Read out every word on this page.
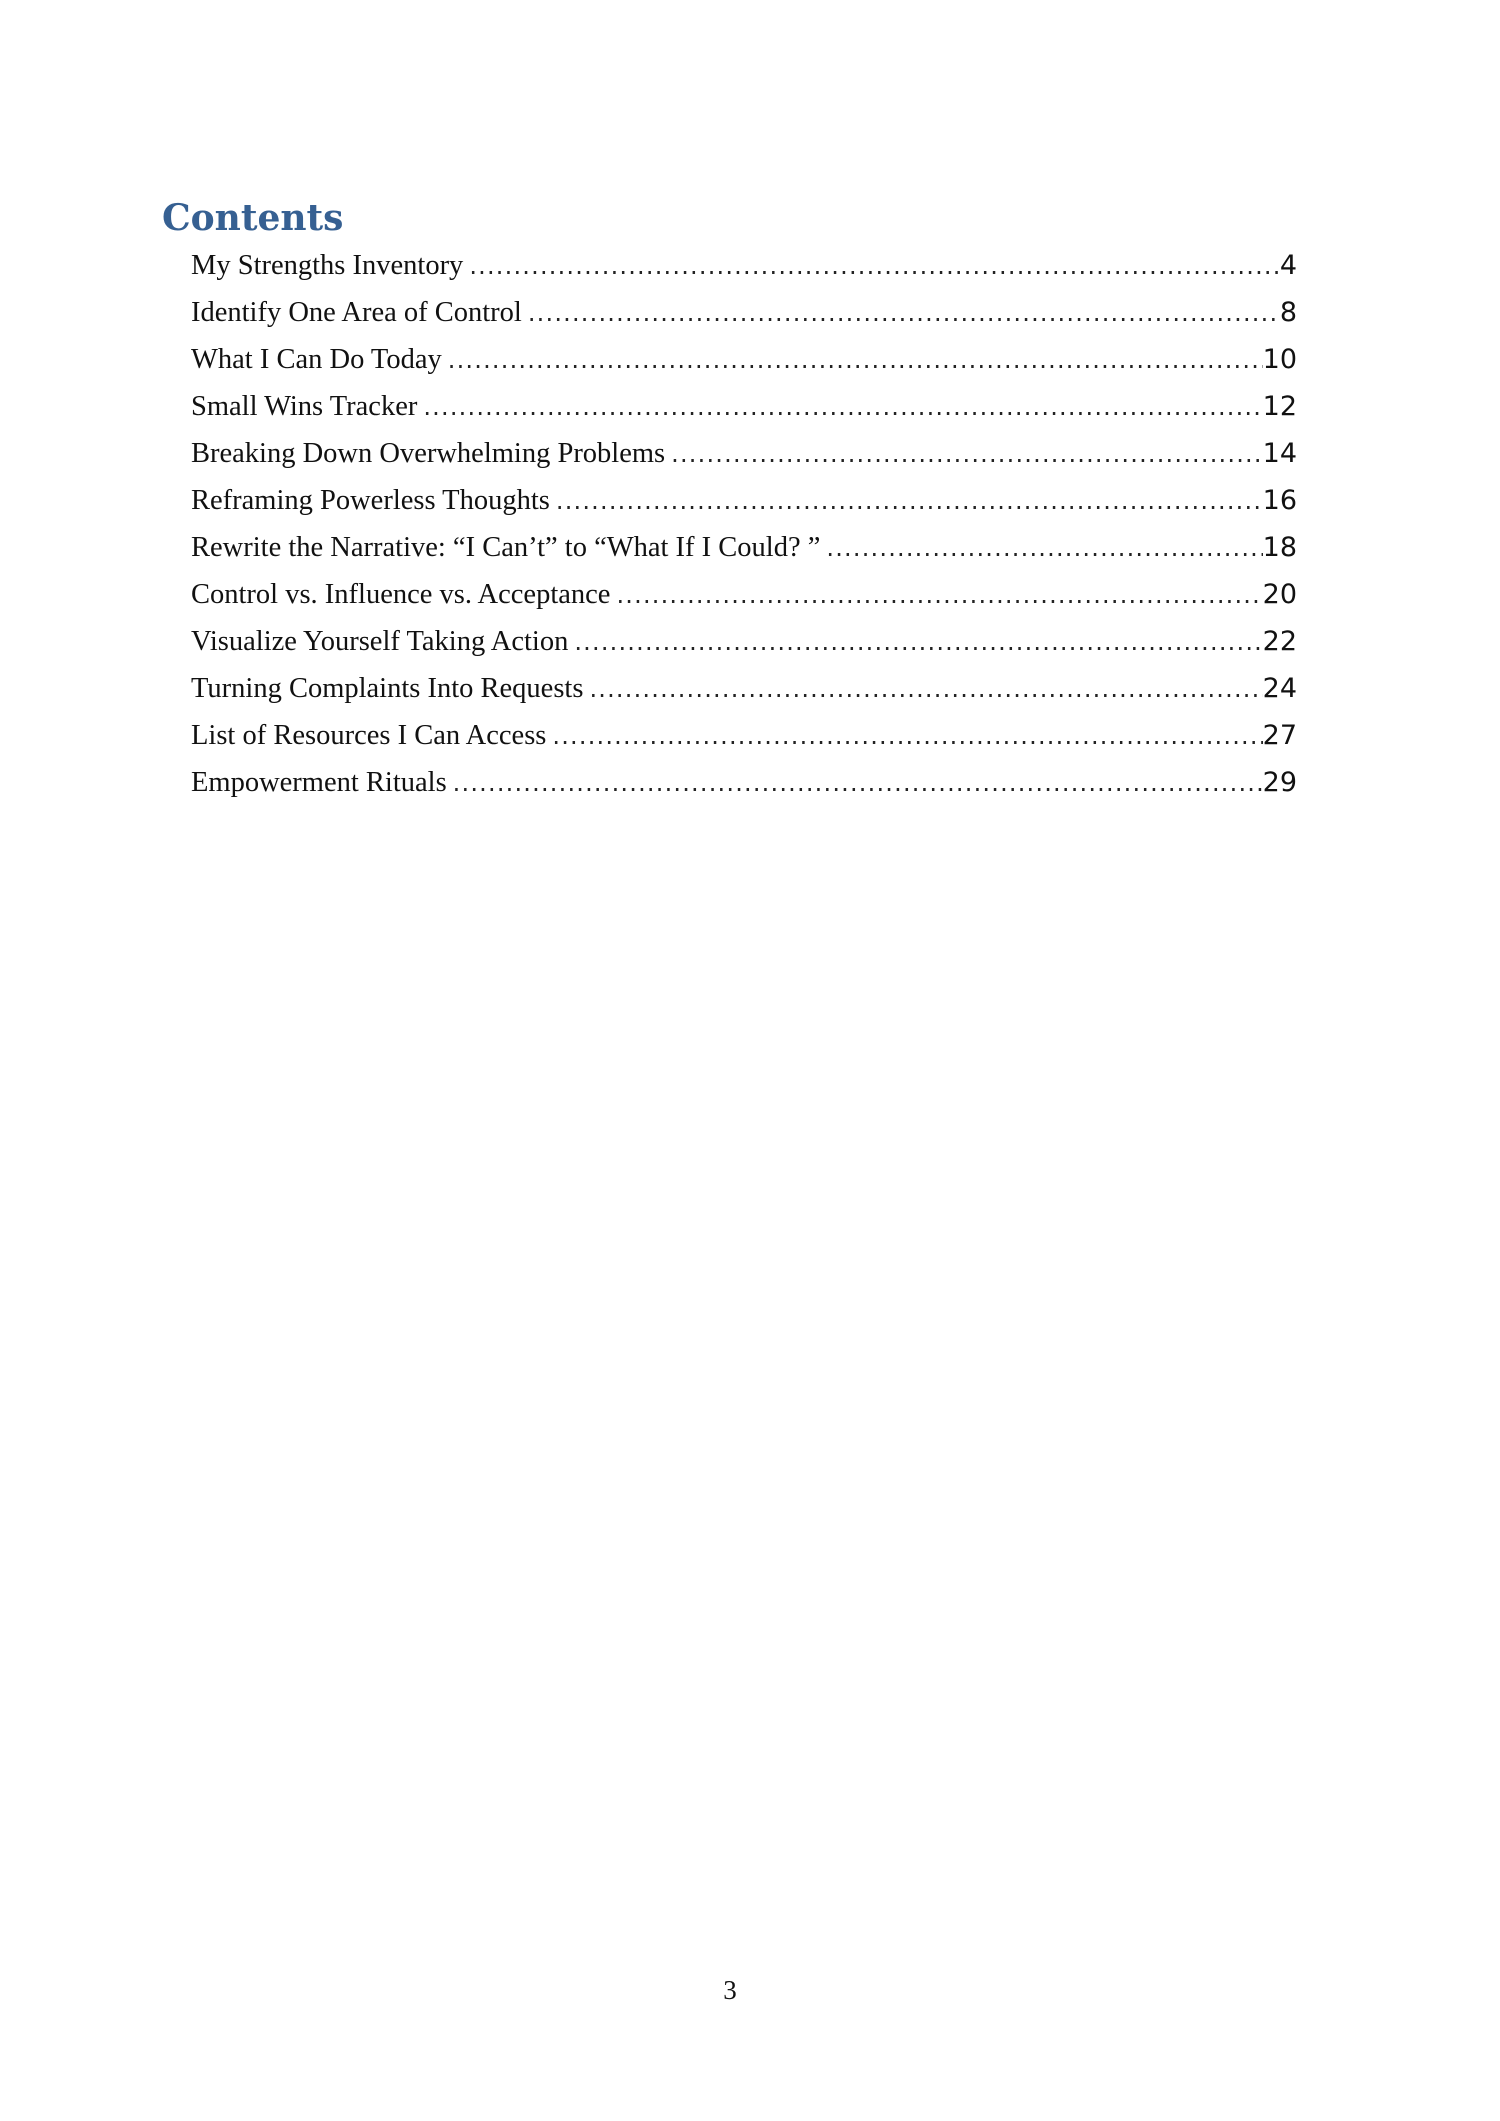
Contents
My Strengths Inventory .....	4
Identify One Area of Control .....	8
What I Can Do Today .....	10
Small Wins Tracker .....	12
Breaking Down Overwhelming Problems .....	14
Reframing Powerless Thoughts .....	16
Rewrite the Narrative: “I Can’t” to “What If I Could? ” .....	18
Control vs. Influence vs. Acceptance .....	20
Visualize Yourself Taking Action .....	22
Turning Complaints Into Requests .....	24
List of Resources I Can Access .....	27
Empowerment Rituals .....	29
3
